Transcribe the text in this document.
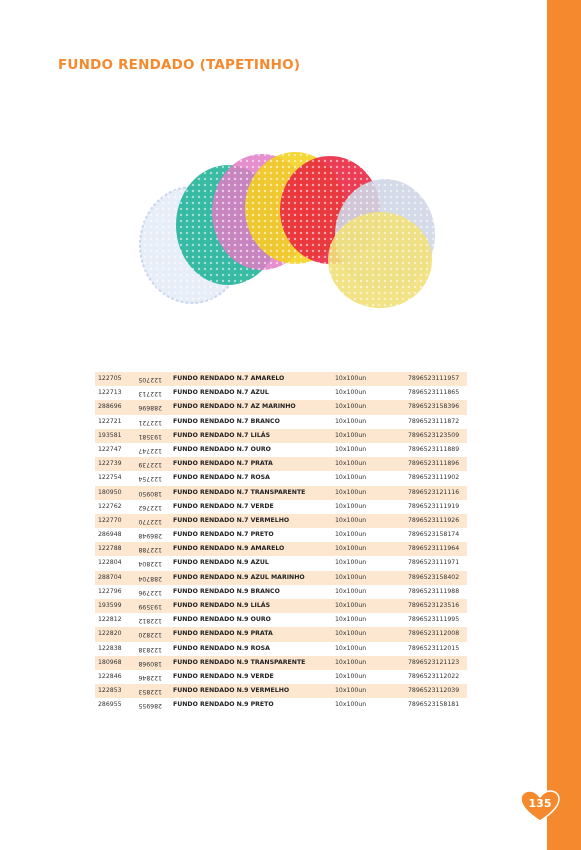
FUNDO RENDADO (TAPETINHO)
122705	122705 FUNDO RENDADO N.7 AMARELO	10x100un	7896523111957
122713	122713 FUNDO RENDADO N.7 AZUL	10x100un	7896523111865
288696	288696 FUNDO RENDADO N.7 AZ MARINHO	10x100un	7896523158396
122721	122721 FUNDO RENDADO N.7 BRANCO	10x100un	7896523111872
193581	193581 FUNDO RENDADO N.7 LILÁS	10x100un	7896523123509
122747	122747 FUNDO RENDADO N.7 OURO	10x100un	7896523111889
122739	122739 FUNDO RENDADO N.7 PRATA	10x100un	7896523111896
122754	122754 FUNDO RENDADO N.7 ROSA	10x100un	7896523111902
180950	180950 FUNDO RENDADO N.7 TRANSPARENTE	10x100un	7896523121116
122762	122762 FUNDO RENDADO N.7 VERDE	10x100un	7896523111919
122770	122770 FUNDO RENDADO N.7 VERMELHO	10x100un	7896523111926
286948	286948 FUNDO RENDADO N.7 PRETO	10x100un	7896523158174
122788	122788 FUNDO RENDADO N.9 AMARELO	10x100un	7896523111964
122804	122804 FUNDO RENDADO N.9 AZUL	10x100un	7896523111971
288704	288704 FUNDO RENDADO N.9 AZUL MARINHO	10x100un	7896523158402
122796	122796 FUNDO RENDADO N.9 BRANCO	10x100un	7896523111988
193599	193599 FUNDO RENDADO N.9 LILÁS	10x100un	7896523123516
122812	122812 FUNDO RENDADO N.9 OURO	10x100un	7896523111995
122820	122820 FUNDO RENDADO N.9 PRATA	10x100un	7896523112008
122838	122838 FUNDO RENDADO N.9 ROSA	10x100un	7896523112015
180968	180968 FUNDO RENDADO N.9 TRANSPARENTE	10x100un	7896523121123
122846	122846 FUNDO RENDADO N.9 VERDE	10x100un	7896523112022
122853	122853 FUNDO RENDADO N.9 VERMELHO	10x100un	7896523112039
286955	286955 FUNDO RENDADO N.9 PRETO	10x100un	7896523158181
135
